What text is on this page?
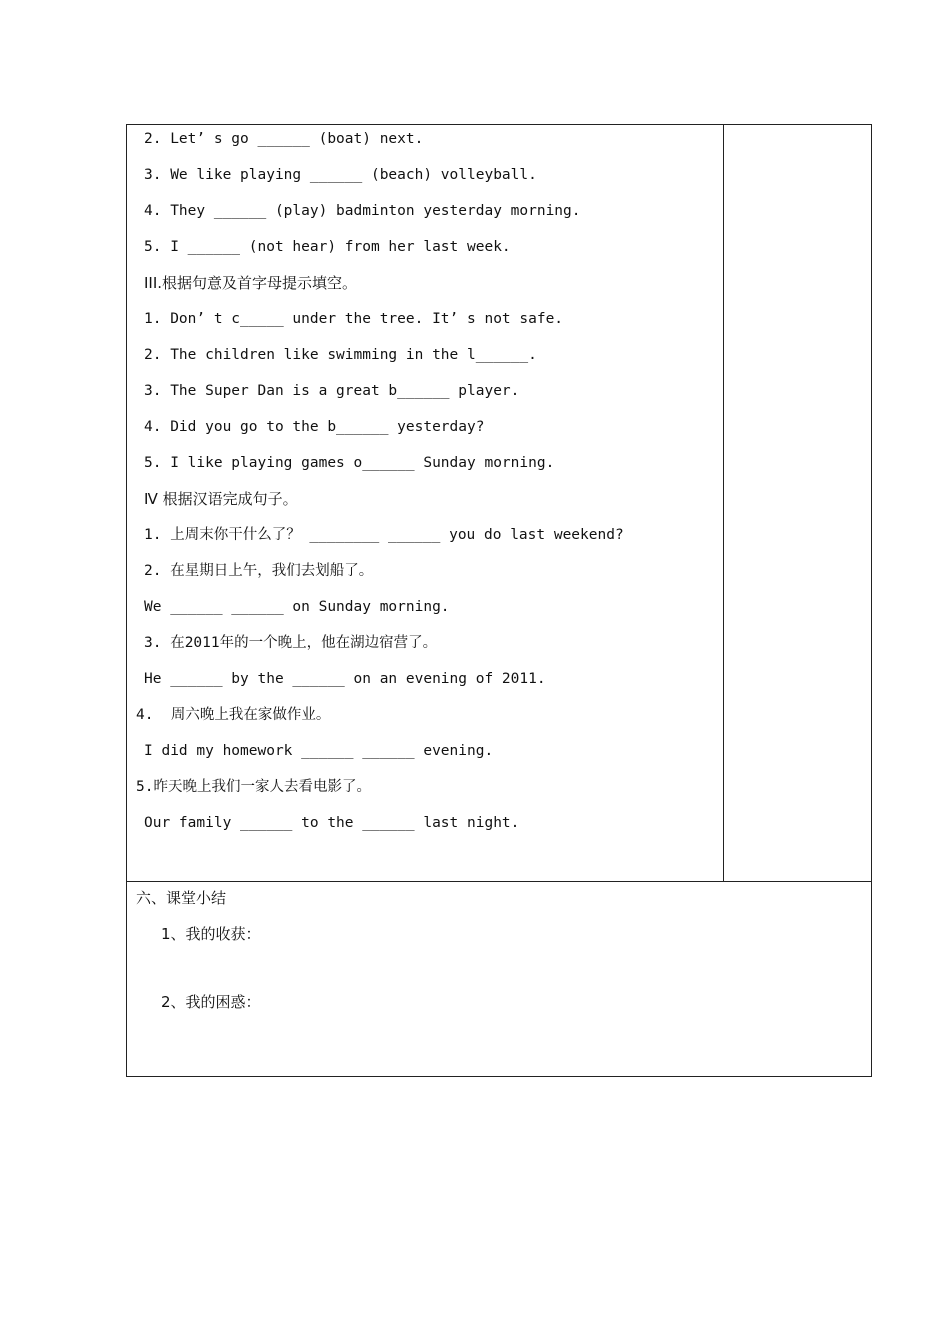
2. Let’ s go ______ (boat) next.
3. We like playing ______ (beach) volleyball.
4. They ______ (play) badminton yesterday morning.
5. I ______ (not hear) from her last week.
III.根据句意及首字母提示填空。
1. Don’ t c_____ under the tree. It’ s not safe.
2. The children like swimming in the l______.
3. The Super Dan is a great b______ player.
4. Did you go to the b______ yesterday?
5. I like playing games o______ Sunday morning.
Ⅳ 根据汉语完成句子。
1. 上周末你干什么了？ ________ ______ you do last weekend?
2. 在星期日上午，我们去划船了。
We ______ ______ on Sunday morning.
3. 在2011年的一个晚上，他在湖边宿营了。
He ______ by the ______ on an evening of 2011.
4.  周六晚上我在家做作业。
I did my homework ______ ______ evening.
5.昨天晚上我们一家人去看电影了。
Our family ______ to the ______ last night.
六、课堂小结
1、我的收获：
2、我的困惑：
